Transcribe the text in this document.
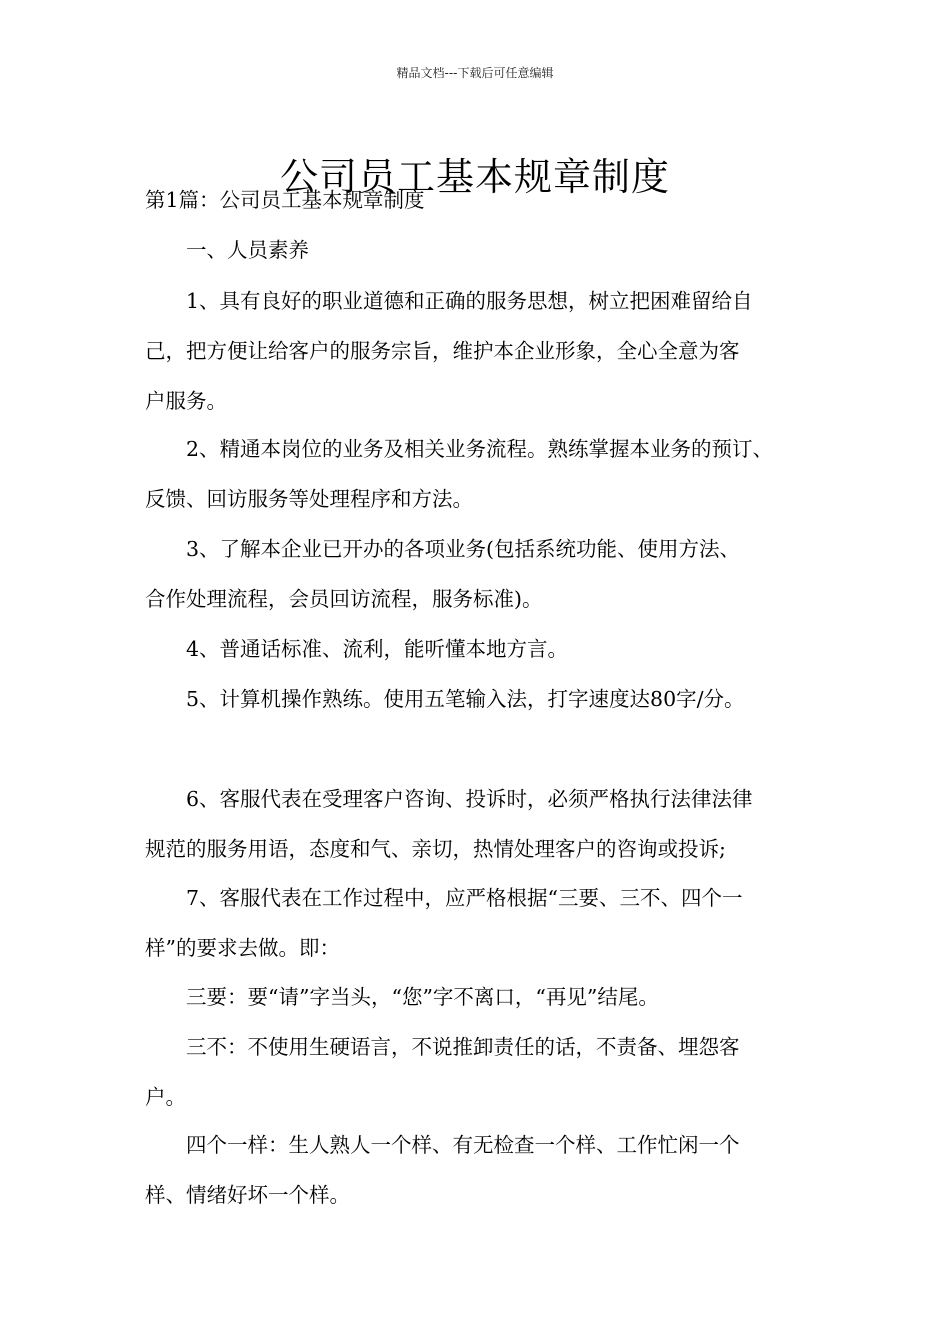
精品文档---下载后可任意编辑
公司员工基本规章制度
第1篇：公司员工基本规章制度
　　一、人员素养
　　1、具有良好的职业道德和正确的服务思想，树立把困难留给自
己，把方便让给客户的服务宗旨，维护本企业形象，全心全意为客
户服务。
　　2、精通本岗位的业务及相关业务流程。熟练掌握本业务的预订、
反馈、回访服务等处理程序和方法。
　　3、了解本企业已开办的各项业务(包括系统功能、使用方法、
合作处理流程，会员回访流程，服务标准)。
　　4、普通话标准、流利，能听懂本地方言。
　　5、计算机操作熟练。使用五笔输入法，打字速度达80字/分。
　　6、客服代表在受理客户咨询、投诉时，必须严格执行法律法律
规范的服务用语，态度和气、亲切，热情处理客户的咨询或投诉;
　　7、客服代表在工作过程中，应严格根据“三要、三不、四个一
样”的要求去做。即：
　　三要：要“请”字当头，“您”字不离口，“再见”结尾。
　　三不：不使用生硬语言，不说推卸责任的话，不责备、埋怨客
户。
　　四个一样：生人熟人一个样、有无检查一个样、工作忙闲一个
样、情绪好坏一个样。
